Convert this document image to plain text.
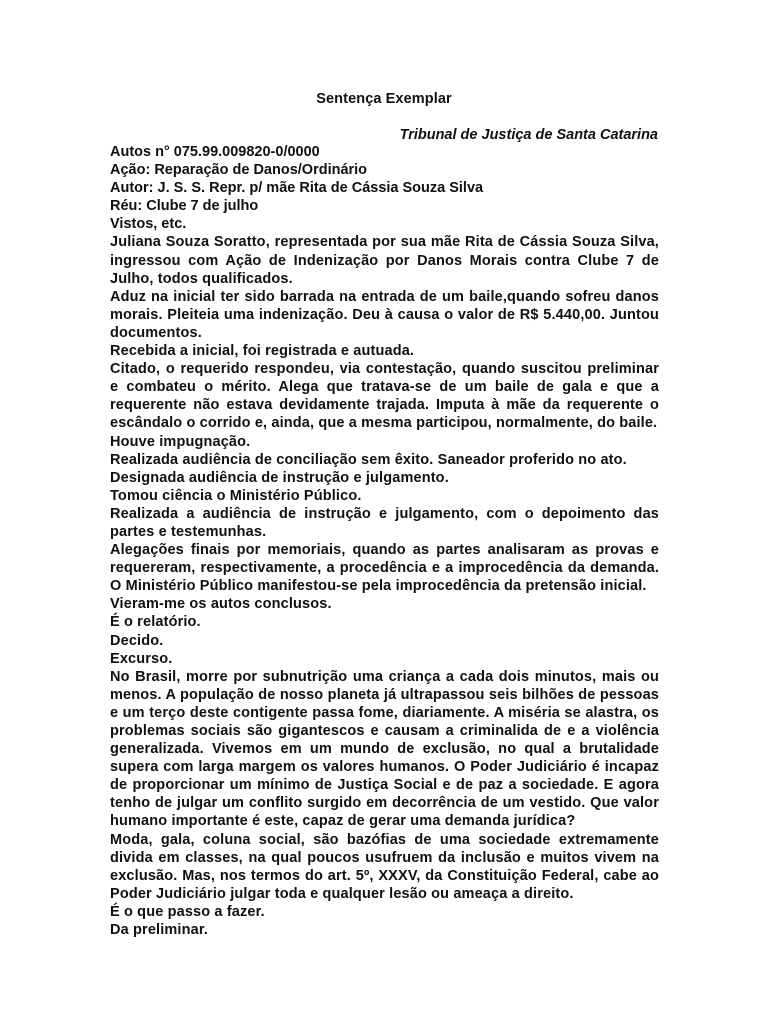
Sentença Exemplar
Tribunal de Justiça de Santa Catarina

Autos n° 075.99.009820-0/0000

Ação: Reparação de Danos/Ordinário

Autor: J. S. S. Repr. p/ mãe Rita de Cássia Souza Silva

Réu: Clube 7 de julho

Vistos, etc.

Juliana Souza Soratto, representada por sua mãe Rita de Cássia Souza Silva, ingressou com Ação de Indenização por Danos Morais contra Clube 7 de Julho, todos qualificados.

Aduz na inicial ter sido barrada na entrada de um baile,quando sofreu danos morais. Pleiteia uma indenização. Deu à causa o valor de R$ 5.440,00. Juntou documentos.

Recebida a inicial, foi registrada e autuada.

Citado, o requerido respondeu, via contestação, quando suscitou preliminar e combateu o mérito. Alega que tratava-se de um baile de gala e que a requerente não estava devidamente trajada. Imputa à mãe da requerente o escândalo o corrido e, ainda, que a mesma participou, normalmente, do baile.

Houve impugnação.

Realizada audiência de conciliação sem êxito. Saneador proferido no ato.

Designada audiência de instrução e julgamento.

Tomou ciência o Ministério Público.

Realizada a audiência de instrução e julgamento, com o depoimento das partes e testemunhas.

Alegações finais por memoriais, quando as partes analisaram as provas e requereram, respectivamente, a procedência e a improcedência da demanda. O Ministério Público manifestou-se pela improcedência da pretensão inicial.

Vieram-me os autos conclusos.

É o relatório.

Decido.

Excurso.

No Brasil, morre por subnutrição uma criança a cada dois minutos, mais ou menos. A população de nosso planeta já ultrapassou seis bilhões de pessoas e um terço deste contigente passa fome, diariamente. A miséria se alastra, os problemas sociais são gigantescos e causam a criminalida de e a violência generalizada. Vivemos em um mundo de exclusão, no qual a brutalidade supera com larga margem os valores humanos. O Poder Judiciário é incapaz de proporcionar um mínimo de Justiça Social e de paz a sociedade. E agora tenho de julgar um conflito surgido em decorrência de um vestido. Que valor humano importante é este, capaz de gerar uma demanda jurídica?

Moda, gala, coluna social, são bazófias de uma sociedade extremamente divida em classes, na qual poucos usufruem da inclusão e muitos vivem na exclusão. Mas, nos termos do art. 5º, XXXV, da Constituição Federal, cabe ao Poder Judiciário julgar toda e qualquer lesão ou ameaça a direito.

É o que passo a fazer.

Da preliminar.
